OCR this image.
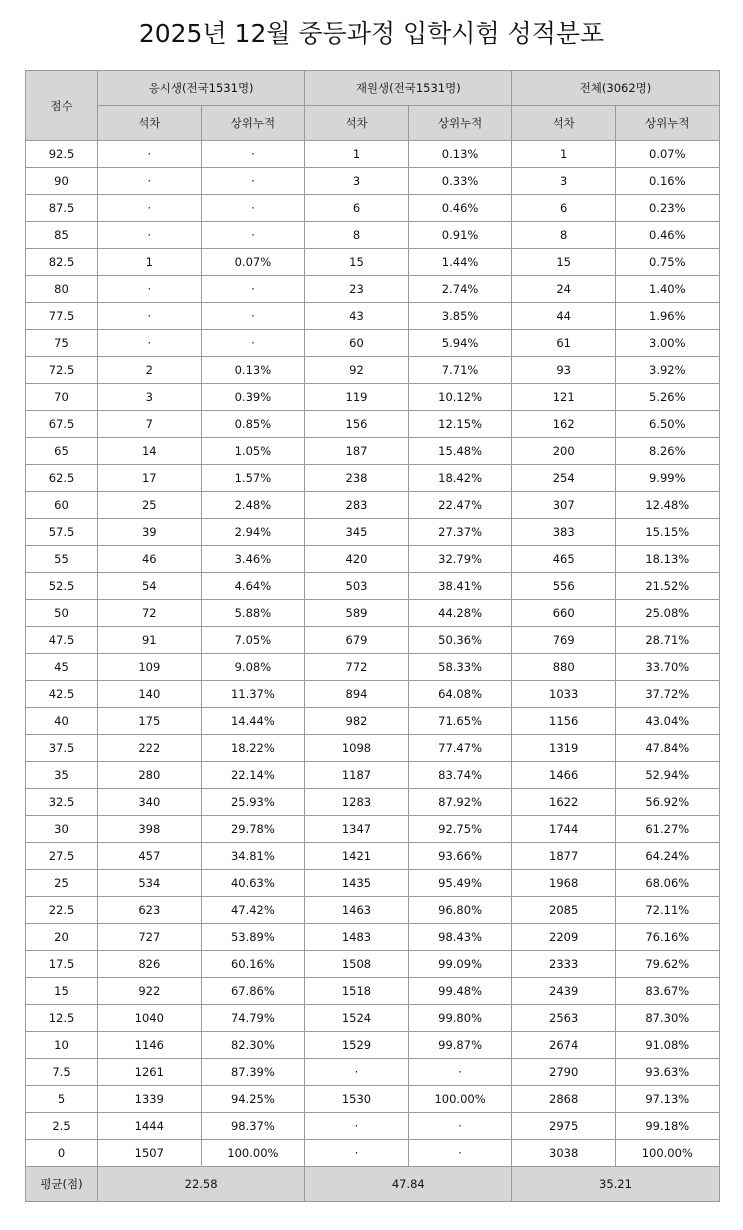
2025년 12월 중등과정 입학시험 성적분포
점수	응시생(전국1531명)		재원생(전국1531명)		전체(3062명)	
	석차	상위누적	석차	상위누적	석차	상위누적
92.5	·	·	1	0.13%	1	0.07%
90	·	·	3	0.33%	3	0.16%
87.5	·	·	6	0.46%	6	0.23%
85	·	·	8	0.91%	8	0.46%
82.5	1	0.07%	15	1.44%	15	0.75%
80	·	·	23	2.74%	24	1.40%
77.5	·	·	43	3.85%	44	1.96%
75	·	·	60	5.94%	61	3.00%
72.5	2	0.13%	92	7.71%	93	3.92%
70	3	0.39%	119	10.12%	121	5.26%
67.5	7	0.85%	156	12.15%	162	6.50%
65	14	1.05%	187	15.48%	200	8.26%
62.5	17	1.57%	238	18.42%	254	9.99%
60	25	2.48%	283	22.47%	307	12.48%
57.5	39	2.94%	345	27.37%	383	15.15%
55	46	3.46%	420	32.79%	465	18.13%
52.5	54	4.64%	503	38.41%	556	21.52%
50	72	5.88%	589	44.28%	660	25.08%
47.5	91	7.05%	679	50.36%	769	28.71%
45	109	9.08%	772	58.33%	880	33.70%
42.5	140	11.37%	894	64.08%	1033	37.72%
40	175	14.44%	982	71.65%	1156	43.04%
37.5	222	18.22%	1098	77.47%	1319	47.84%
35	280	22.14%	1187	83.74%	1466	52.94%
32.5	340	25.93%	1283	87.92%	1622	56.92%
30	398	29.78%	1347	92.75%	1744	61.27%
27.5	457	34.81%	1421	93.66%	1877	64.24%
25	534	40.63%	1435	95.49%	1968	68.06%
22.5	623	47.42%	1463	96.80%	2085	72.11%
20	727	53.89%	1483	98.43%	2209	76.16%
17.5	826	60.16%	1508	99.09%	2333	79.62%
15	922	67.86%	1518	99.48%	2439	83.67%
12.5	1040	74.79%	1524	99.80%	2563	87.30%
10	1146	82.30%	1529	99.87%	2674	91.08%
7.5	1261	87.39%	·	·	2790	93.63%
5	1339	94.25%	1530	100.00%	2868	97.13%
2.5	1444	98.37%	·	·	2975	99.18%
0	1507	100.00%	·	·	3038	100.00%
평균(점)	22.58		47.84		35.21	
